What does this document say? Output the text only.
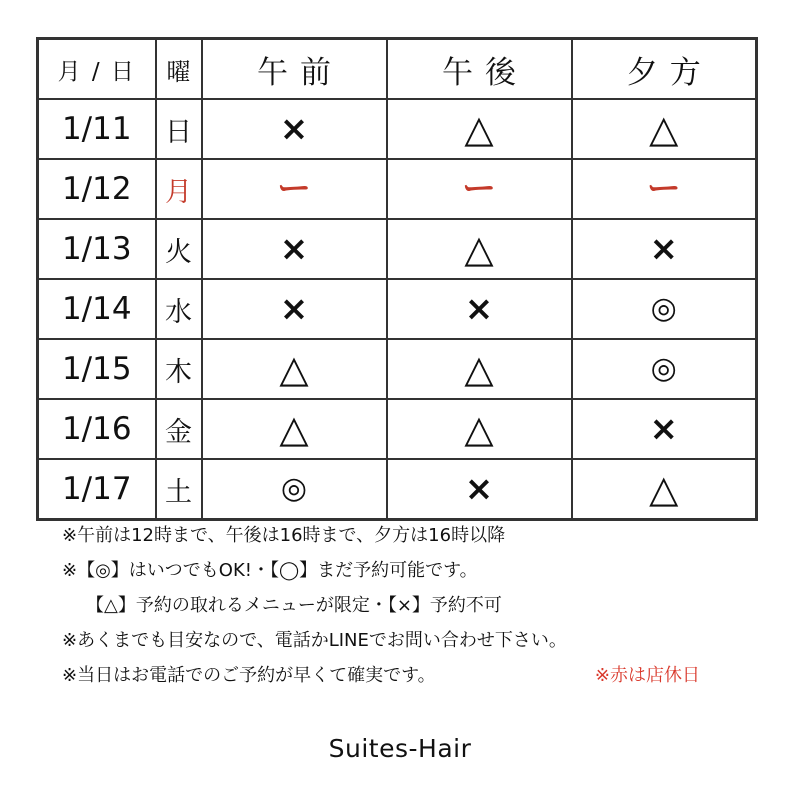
月 / 日	曜	午前	午後	夕方
1/11	日	×	△	△
1/12	月	ー	ー	ー
1/13	火	×	△	×
1/14	水	×	×	◎
1/15	木	△	△	◎
1/16	金	△	△	×
1/17	土	◎	×	△
※午前は12時まで、午後は16時まで、夕方は16時以降
※【◎】はいつでもOK!・【◯】まだ予約可能です。
【△】予約の取れるメニューが限定・【×】予約不可
※あくまでも目安なので、電話かLINEでお問い合わせ下さい。
※当日はお電話でのご予約が早くて確実です。	※赤は店休日
Suites-Hair
